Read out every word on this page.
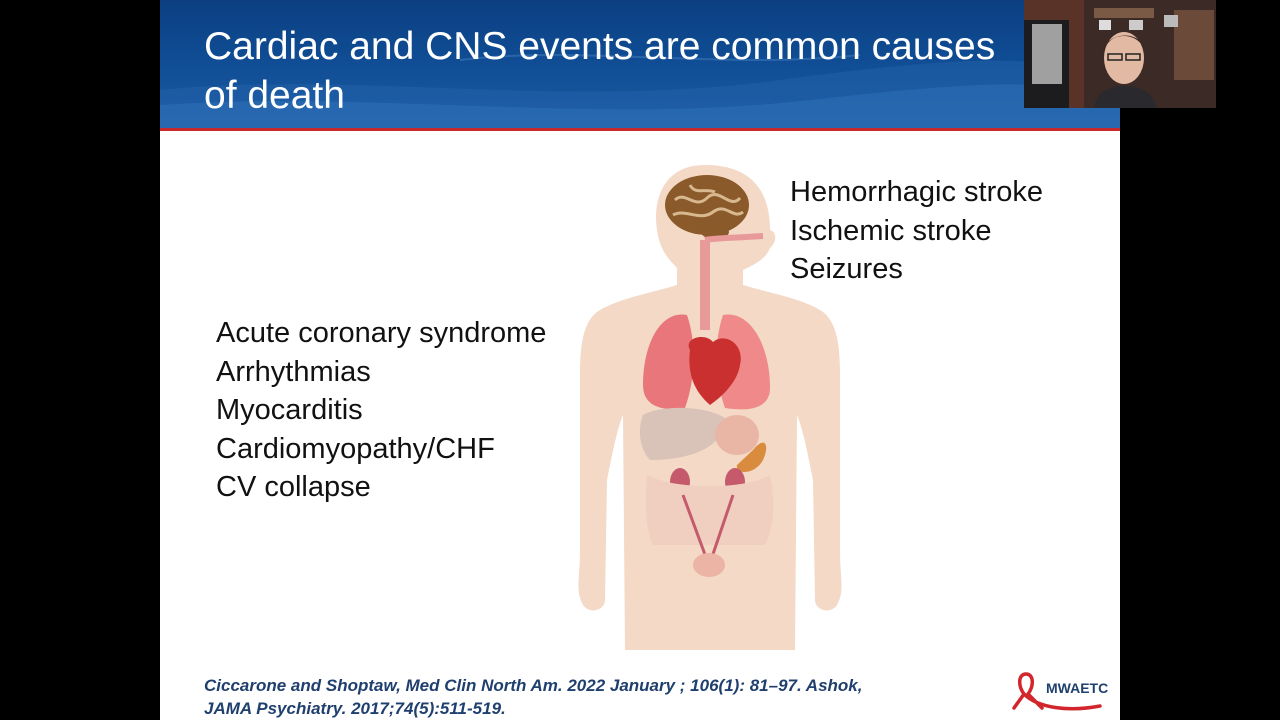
Cardiac and CNS events are common causes
of death
Acute coronary syndrome
Arrhythmias
Myocarditis
Cardiomyopathy/CHF
CV collapse
Hemorrhagic stroke
Ischemic stroke
Seizures
Ciccarone and Shoptaw, Med Clin North Am. 2022 January ; 106(1): 81–97. Ashok,
JAMA Psychiatry. 2017;74(5):511-519.
MWAETC
